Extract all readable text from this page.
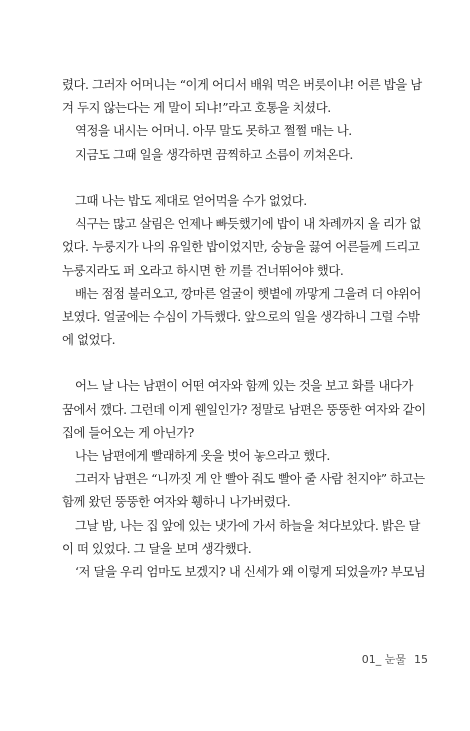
렸다. 그러자 어머니는 “이게 어디서 배워 먹은 버릇이냐! 어른 밥을 남
겨 두지 않는다는 게 말이 되냐!”라고 호통을 치셨다.
역정을 내시는 어머니. 아무 말도 못하고 쩔쩔 매는 나.
지금도 그때 일을 생각하면 끔찍하고 소름이 끼쳐온다.
그때 나는 밥도 제대로 얻어먹을 수가 없었다.
식구는 많고 살림은 언제나 빠듯했기에 밥이 내 차례까지 올 리가 없
었다. 누룽지가 나의 유일한 밥이었지만, 숭늉을 끓여 어른들께 드리고
누룽지라도 퍼 오라고 하시면 한 끼를 건너뛰어야 했다.
배는 점점 불러오고, 깡마른 얼굴이 햇볕에 까맣게 그을려 더 야위어
보였다. 얼굴에는 수심이 가득했다. 앞으로의 일을 생각하니 그럴 수밖
에 없었다.
어느 날 나는 남편이 어떤 여자와 함께 있는 것을 보고 화를 내다가
꿈에서 깼다. 그런데 이게 웬일인가? 정말로 남편은 뚱뚱한 여자와 같이
집에 들어오는 게 아닌가?
나는 남편에게 빨래하게 옷을 벗어 놓으라고 했다.
그러자 남편은 “니까짓 게 안 빨아 줘도 빨아 줄 사람 천지야” 하고는
함께 왔던 뚱뚱한 여자와 휑하니 나가버렸다.
그날 밤, 나는 집 앞에 있는 냇가에 가서 하늘을 쳐다보았다. 밝은 달
이 떠 있었다. 그 달을 보며 생각했다.
‘저 달을 우리 엄마도 보겠지? 내 신세가 왜 이렇게 되었을까? 부모님
01_ 눈물 15
